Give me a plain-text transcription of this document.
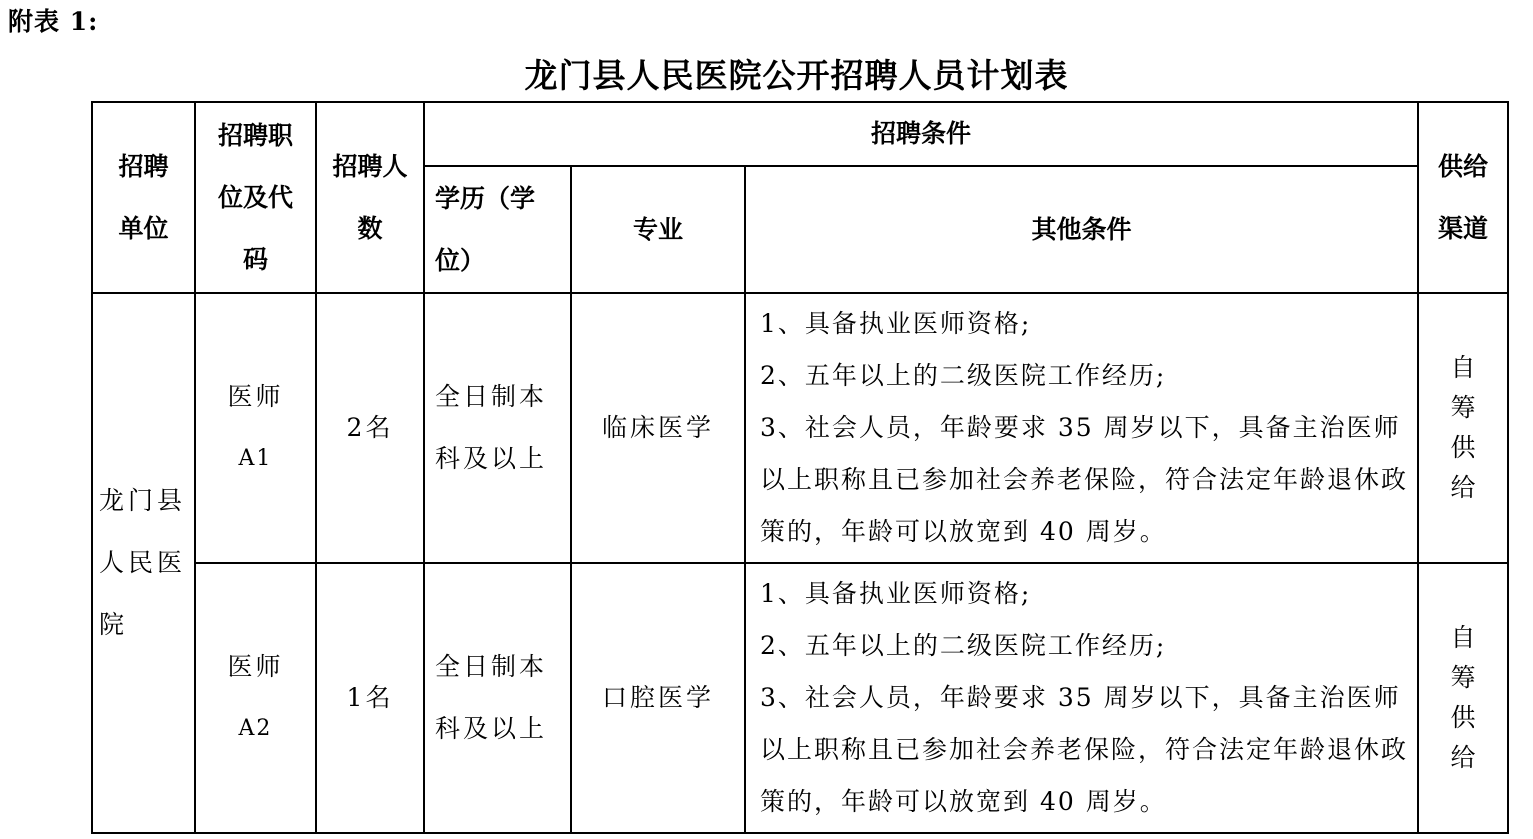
附表 1:
龙门县人民医院公开招聘人员计划表
招聘单位	招聘职位及代码	招聘人数	招聘条件			供给渠道
			学历（学位）	专业	其他条件	
龙门县人民医院	医师
A1	2名	全日制本科及以上	临床医学	1、具备执业医师资格;
2、五年以上的二级医院工作经历;
3、社会人员，年龄要求 35 周岁以下，具备主治医师以上职称且已参加社会养老保险，符合法定年龄退休政策的，年龄可以放宽到 40 周岁。	自筹供给

	医师
A2	1名	全日制本科及以上	口腔医学	1、具备执业医师资格;
2、五年以上的二级医院工作经历;
3、社会人员，年龄要求 35 周岁以下，具备主治医师以上职称且已参加社会养老保险，符合法定年龄退休政策的，年龄可以放宽到 40 周岁。	自筹供给
